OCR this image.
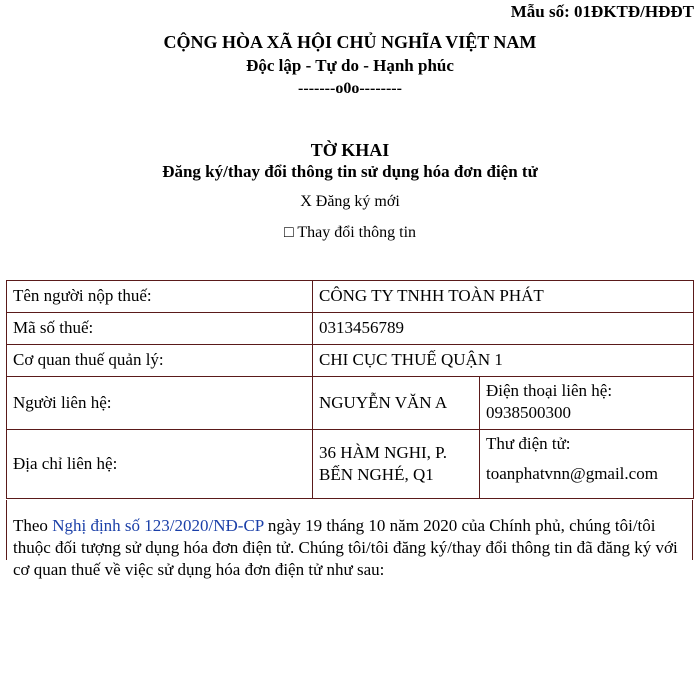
Mẫu số: 01ĐKTĐ/HĐĐT
CỘNG HÒA XÃ HỘI CHỦ NGHĨA VIỆT NAM
Độc lập - Tự do - Hạnh phúc
-------o0o--------
TỜ KHAI
Đăng ký/thay đổi thông tin sử dụng hóa đơn điện tử
X Đăng ký mới
□ Thay đổi thông tin
Tên người nộp thuế:	CÔNG TY TNHH TOÀN PHÁT	
Mã số thuế:	0313456789	
Cơ quan thuế quản lý:	CHI CỤC THUẾ QUẬN 1	
Người liên hệ:	NGUYỄN VĂN A	Điện thoại liên hệ:
0938500300

Địa chỉ liên hệ:	36 HÀM NGHI, P. BẾN NGHÉ, Q1	Thư điện tử:
toanphatvnn@gmail.com
Theo Nghị định số 123/2020/NĐ-CP ngày 19 tháng 10 năm 2020 của Chính phủ, chúng tôi/tôi thuộc đối tượng sử dụng hóa đơn điện tử. Chúng tôi/tôi đăng ký/thay đổi thông tin đã đăng ký với cơ quan thuế về việc sử dụng hóa đơn điện tử như sau:
